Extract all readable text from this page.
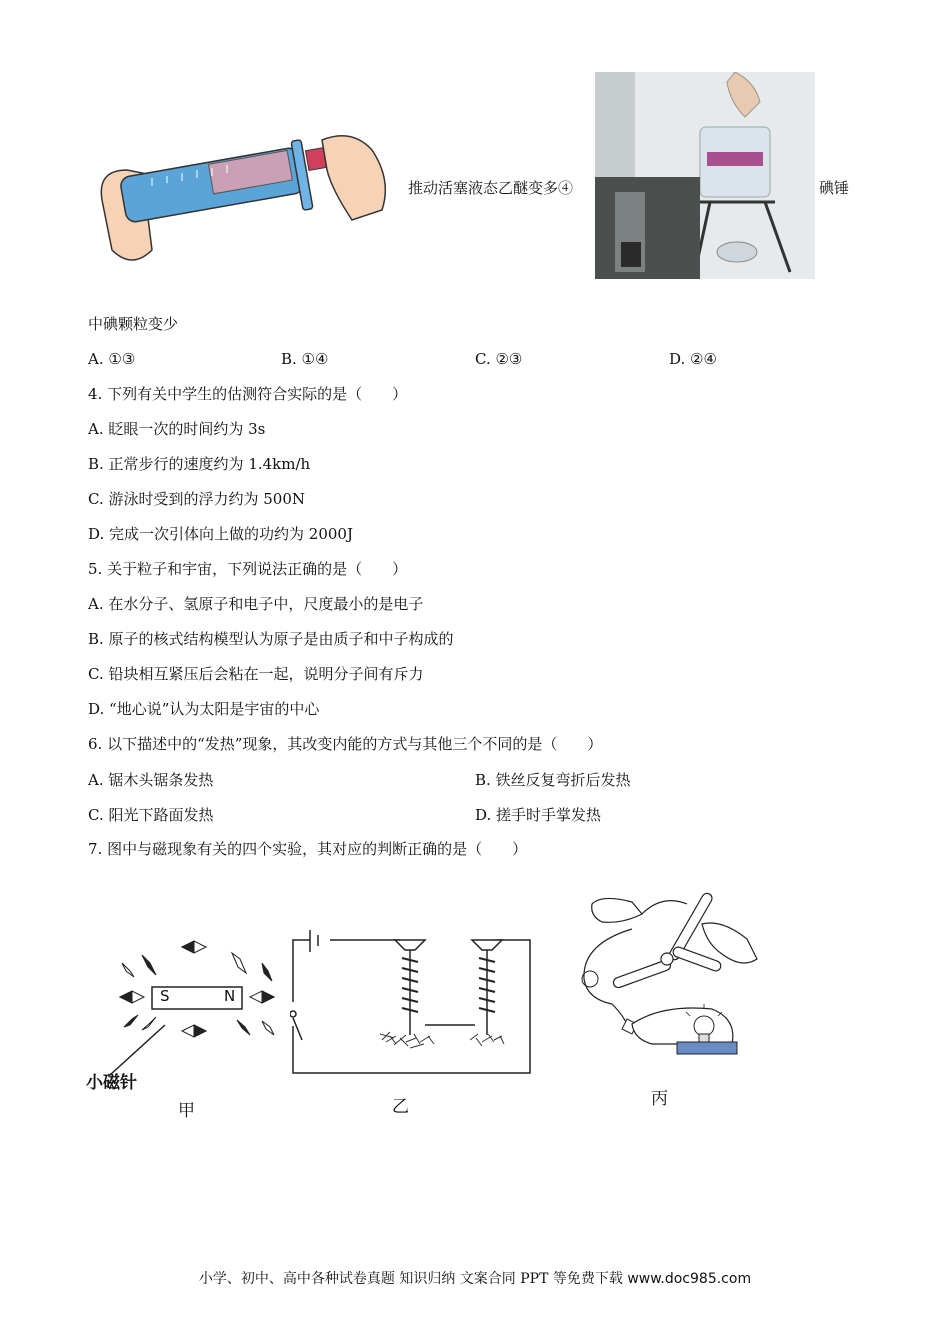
推动活塞液态乙醚变多④	碘锤
中碘颗粒变少
A. ①③	B. ①④	C. ②③	D. ②④
4. 下列有关中学生的估测符合实际的是（　　）
A. 眨眼一次的时间约为 3s
B. 正常步行的速度约为 1.4km/h
C. 游泳时受到的浮力约为 500N
D. 完成一次引体向上做的功约为 2000J
5. 关于粒子和宇宙，下列说法正确的是（　　）
A. 在水分子、氢原子和电子中，尺度最小的是电子
B. 原子的核式结构模型认为原子是由质子和中子构成的
C. 铅块相互紧压后会粘在一起，说明分子间有斥力
D. “地心说”认为太阳是宇宙的中心
6. 以下描述中的“发热”现象，其改变内能的方式与其他三个不同的是（　　）
A. 锯木头锯条发热	B. 铁丝反复弯折后发热
C. 阳光下路面发热	D. 搓手时手掌发热
7. 图中与磁现象有关的四个实验，其对应的判断正确的是（　　）
S	N
小磁针
甲	乙	丙
小学、初中、高中各种试卷真题 知识归纳 文案合同 PPT 等免费下载 www.doc985.com
